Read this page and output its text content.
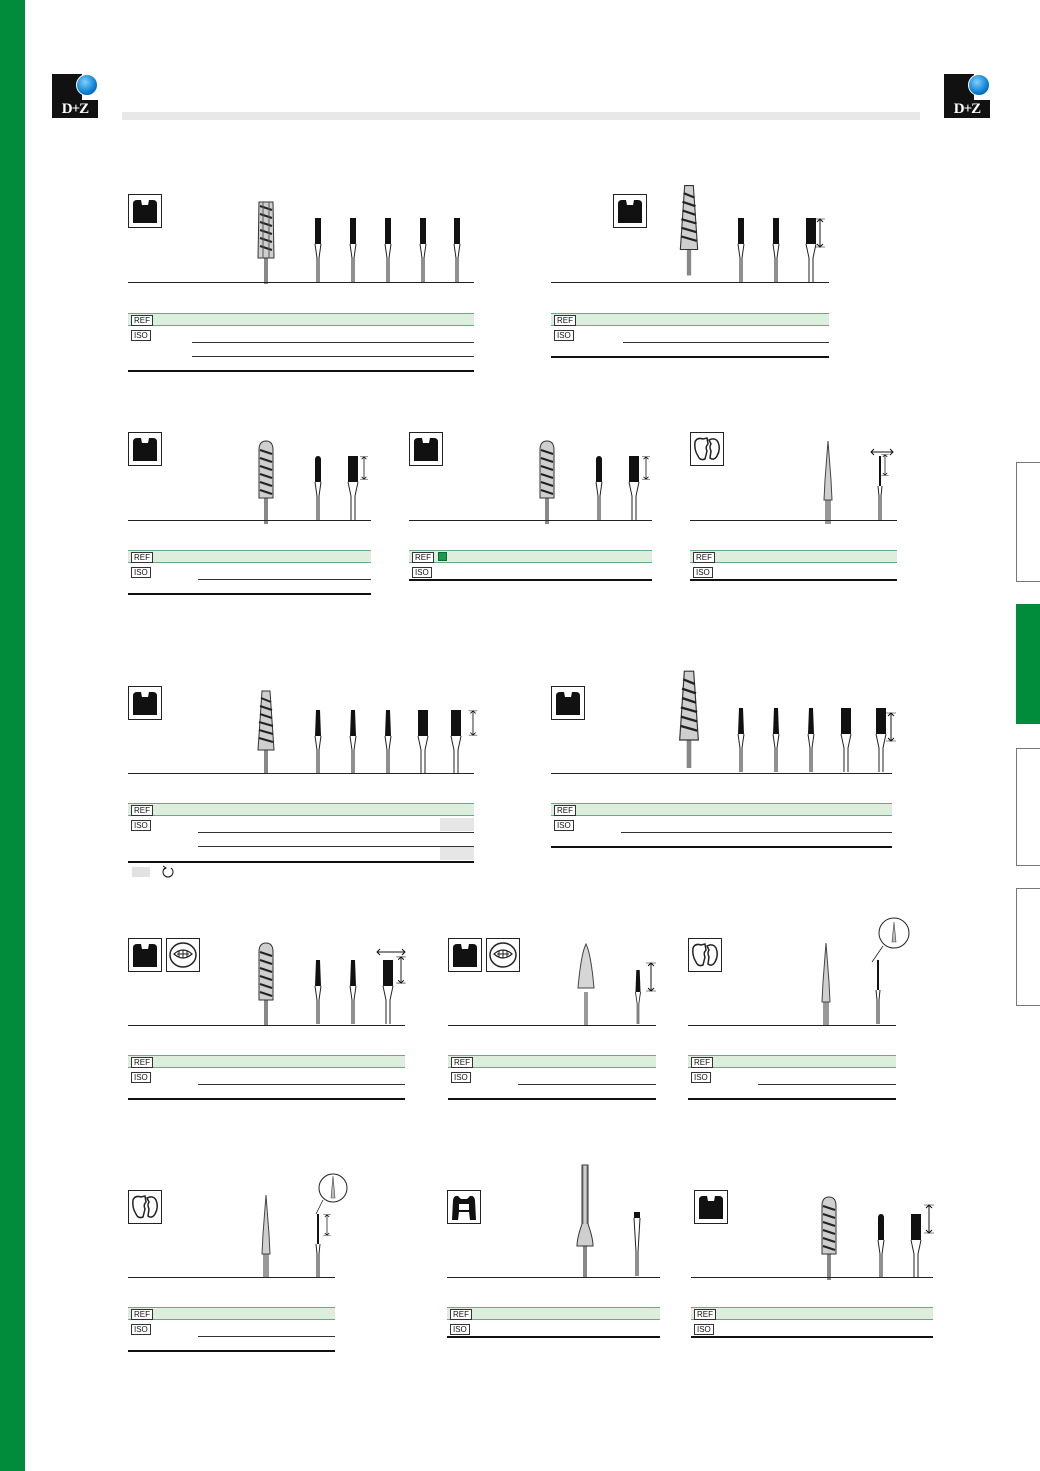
D+Z	D+Z
REF
ISO
REF
ISO
REF
ISO
REF
ISO
REF
ISO
REF
ISO
REF
ISO
REF
ISO
REF
ISO
REF
ISO
REF
ISO
REF
ISO
REF
ISO
